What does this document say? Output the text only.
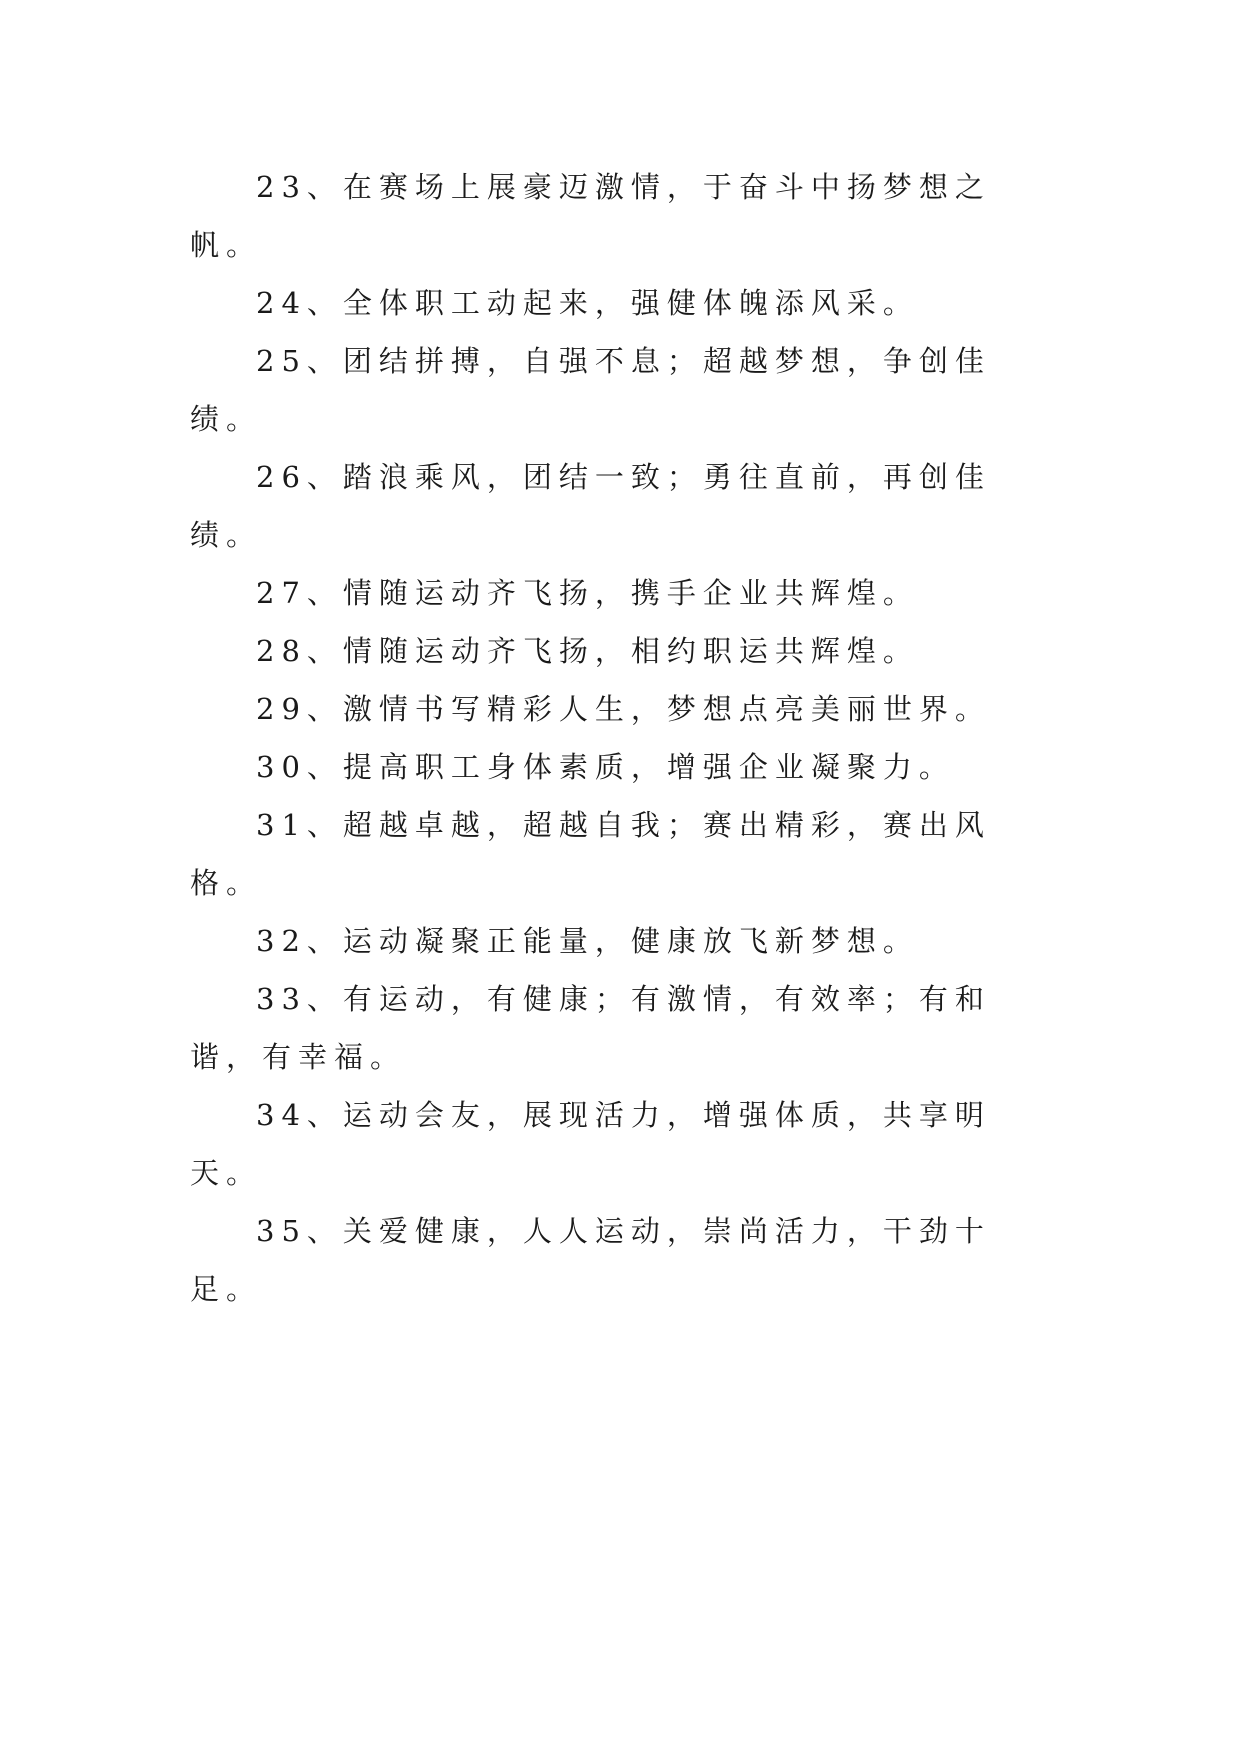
23、在赛场上展豪迈激情，于奋斗中扬梦想之帆。

24、全体职工动起来，强健体魄添风采。

25、团结拼搏，自强不息；超越梦想，争创佳绩。

26、踏浪乘风，团结一致；勇往直前，再创佳绩。

27、情随运动齐飞扬，携手企业共辉煌。

28、情随运动齐飞扬，相约职运共辉煌。

29、激情书写精彩人生，梦想点亮美丽世界。

30、提高职工身体素质，增强企业凝聚力。

31、超越卓越，超越自我；赛出精彩，赛出风格。

32、运动凝聚正能量，健康放飞新梦想。

33、有运动，有健康；有激情，有效率；有和谐，有幸福。

34、运动会友，展现活力，增强体质，共享明天。

35、关爱健康，人人运动，崇尚活力，干劲十足。
